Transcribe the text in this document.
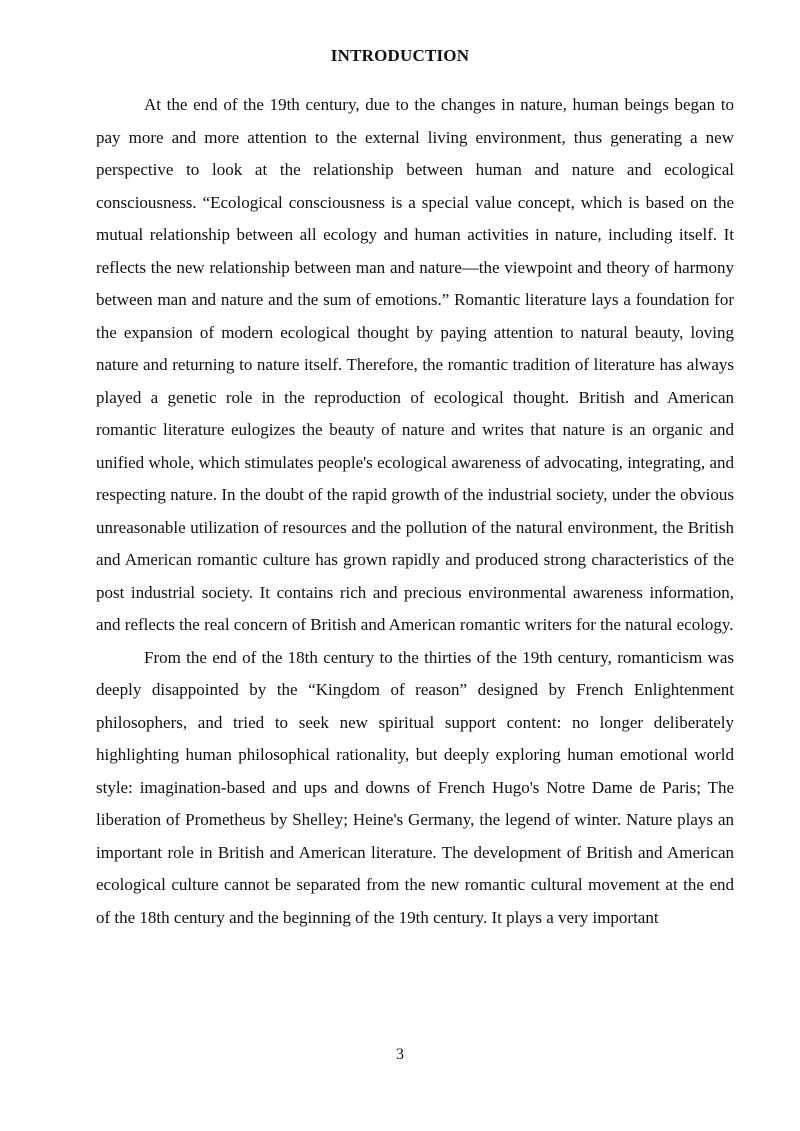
INTRODUCTION

At the end of the 19th century, due to the changes in nature, human beings began to pay more and more attention to the external living environment, thus generating a new perspective to look at the relationship between human and nature and ecological consciousness. “Ecological consciousness is a special value concept, which is based on the mutual relationship between all ecology and human activities in nature, including itself. It reflects the new relationship between man and nature—the viewpoint and theory of harmony between man and nature and the sum of emotions.” Romantic literature lays a foundation for the expansion of modern ecological thought by paying attention to natural beauty, loving nature and returning to nature itself. Therefore, the romantic tradition of literature has always played a genetic role in the reproduction of ecological thought. British and American romantic literature eulogizes the beauty of nature and writes that nature is an organic and unified whole, which stimulates people's ecological awareness of advocating, integrating, and respecting nature. In the doubt of the rapid growth of the industrial society, under the obvious unreasonable utilization of resources and the pollution of the natural environment, the British and American romantic culture has grown rapidly and produced strong characteristics of the post industrial society. It contains rich and precious environmental awareness information, and reflects the real concern of British and American romantic writers for the natural ecology.

From the end of the 18th century to the thirties of the 19th century, romanticism was deeply disappointed by the “Kingdom of reason” designed by French Enlightenment philosophers, and tried to seek new spiritual support content: no longer deliberately highlighting human philosophical rationality, but deeply exploring human emotional world style: imagination-based and ups and downs of French Hugo's Notre Dame de Paris; The liberation of Prometheus by Shelley; Heine's Germany, the legend of winter. Nature plays an important role in British and American literature. The development of British and American ecological culture cannot be separated from the new romantic cultural movement at the end of the 18th century and the beginning of the 19th century. It plays a very important

3
